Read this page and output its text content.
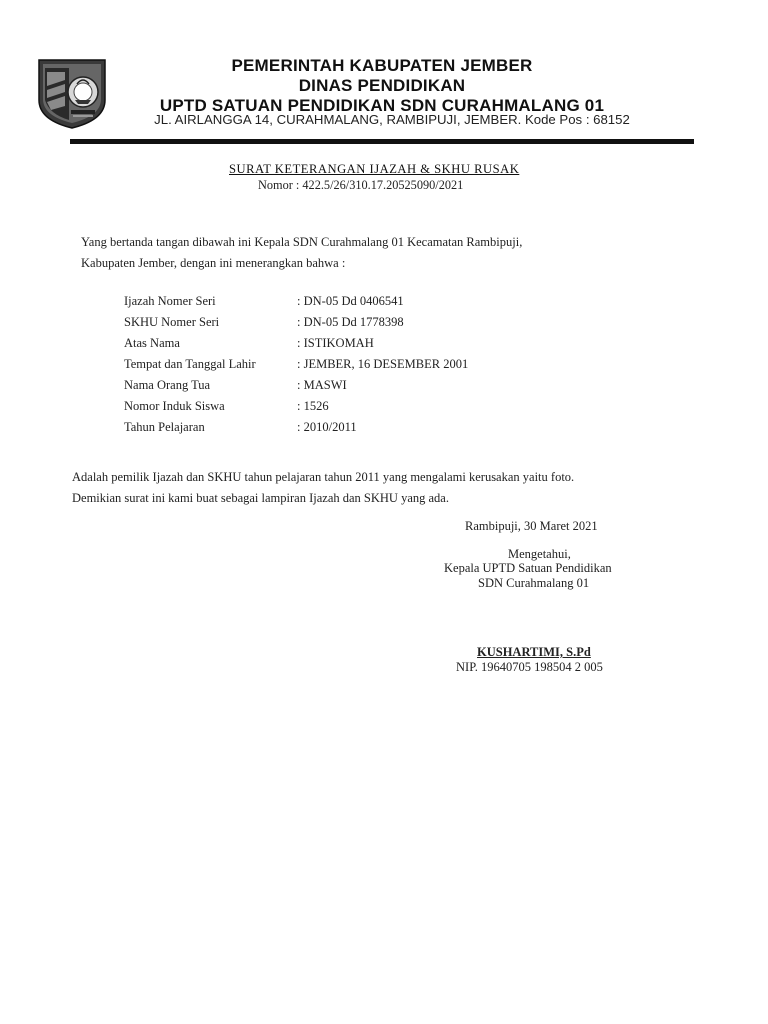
PEMERINTAH KABUPATEN JEMBER
DINAS PENDIDIKAN
UPTD SATUAN PENDIDIKAN SDN CURAHMALANG 01
JL. AIRLANGGA 14, CURAHMALANG, RAMBIPUJI, JEMBER. Kode Pos : 68152
SURAT KETERANGAN IJAZAH & SKHU RUSAK
Nomor : 422.5/26/310.17.20525090/2021
Yang bertanda tangan dibawah ini Kepala SDN Curahmalang 01 Kecamatan Rambipuji,
Kabupaten Jember, dengan ini menerangkan bahwa :
Ijazah Nomer Seri	: DN-05 Dd 0406541
SKHU Nomer Seri	: DN-05 Dd 1778398
Atas Nama	: ISTIKOMAH
Tempat dan Tanggal Lahir	: JEMBER, 16 DESEMBER 2001
Nama Orang Tua	: MASWI
Nomor Induk Siswa	: 1526
Tahun Pelajaran	: 2010/2011
Adalah pemilik Ijazah dan SKHU tahun pelajaran tahun 2011 yang mengalami kerusakan yaitu foto.
Demikian surat ini kami buat sebagai lampiran Ijazah dan SKHU yang ada.
Rambipuji, 30 Maret 2021
Mengetahui,
Kepala UPTD Satuan Pendidikan
SDN Curahmalang 01
KUSHARTIMI, S.Pd
NIP. 19640705 198504 2 005
